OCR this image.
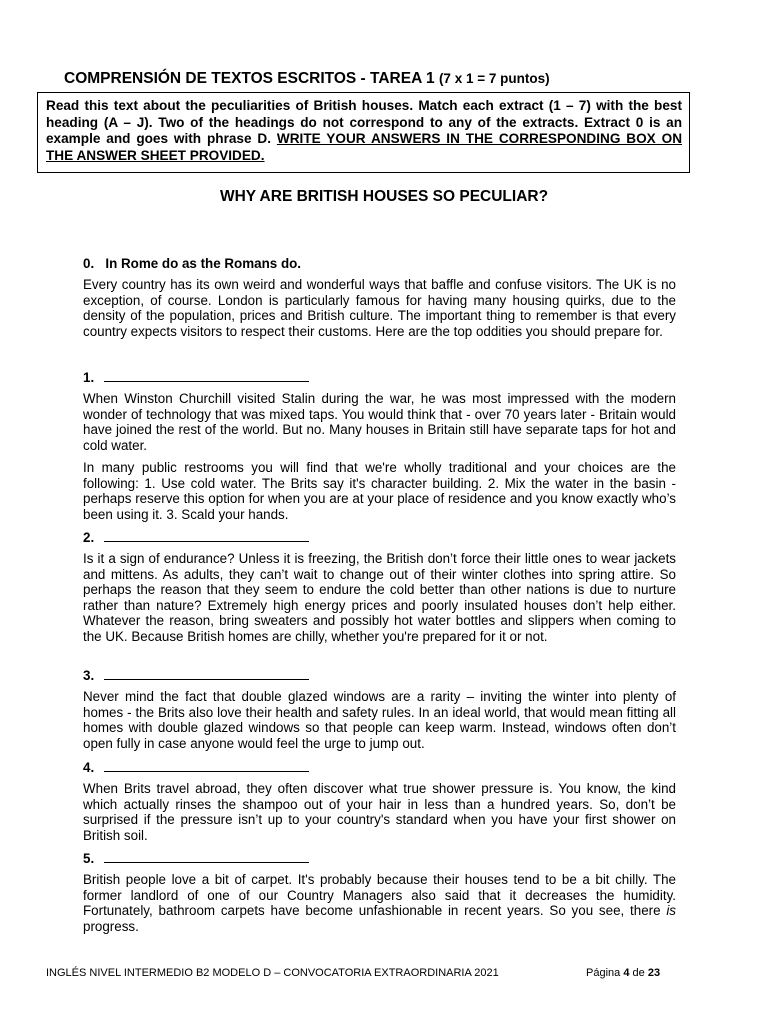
COMPRENSIÓN DE TEXTOS ESCRITOS - TAREA 1 (7 x 1 = 7 puntos)
Read this text about the peculiarities of British houses. Match each extract (1 – 7) with the best heading (A – J). Two of the headings do not correspond to any of the extracts. Extract 0 is an example and goes with phrase D. WRITE YOUR ANSWERS IN THE CORRESPONDING BOX ON THE ANSWER SHEET PROVIDED.
WHY ARE BRITISH HOUSES SO PECULIAR?
0. In Rome do as the Romans do.
Every country has its own weird and wonderful ways that baffle and confuse visitors. The UK is no exception, of course. London is particularly famous for having many housing quirks, due to the density of the population, prices and British culture. The important thing to remember is that every country expects visitors to respect their customs. Here are the top oddities you should prepare for.
1.
When Winston Churchill visited Stalin during the war, he was most impressed with the modern wonder of technology that was mixed taps. You would think that - over 70 years later - Britain would have joined the rest of the world. But no. Many houses in Britain still have separate taps for hot and cold water.
In many public restrooms you will find that we're wholly traditional and your choices are the following: 1. Use cold water. The Brits say it's character building. 2. Mix the water in the basin - perhaps reserve this option for when you are at your place of residence and you know exactly who’s been using it. 3. Scald your hands.
2.
Is it a sign of endurance? Unless it is freezing, the British don’t force their little ones to wear jackets and mittens. As adults, they can’t wait to change out of their winter clothes into spring attire. So perhaps the reason that they seem to endure the cold better than other nations is due to nurture rather than nature? Extremely high energy prices and poorly insulated houses don’t help either. Whatever the reason, bring sweaters and possibly hot water bottles and slippers when coming to the UK. Because British homes are chilly, whether you're prepared for it or not.
3.
Never mind the fact that double glazed windows are a rarity – inviting the winter into plenty of homes - the Brits also love their health and safety rules. In an ideal world, that would mean fitting all homes with double glazed windows so that people can keep warm. Instead, windows often don’t open fully in case anyone would feel the urge to jump out.
4.
When Brits travel abroad, they often discover what true shower pressure is. You know, the kind which actually rinses the shampoo out of your hair in less than a hundred years. So, don’t be surprised if the pressure isn’t up to your country's standard when you have your first shower on British soil.
5.
British people love a bit of carpet. It's probably because their houses tend to be a bit chilly. The former landlord of one of our Country Managers also said that it decreases the humidity. Fortunately, bathroom carpets have become unfashionable in recent years. So you see, there is progress.
INGLÉS NIVEL INTERMEDIO B2 MODELO D – CONVOCATORIA EXTRAORDINARIA 2021	Página 4 de 23
